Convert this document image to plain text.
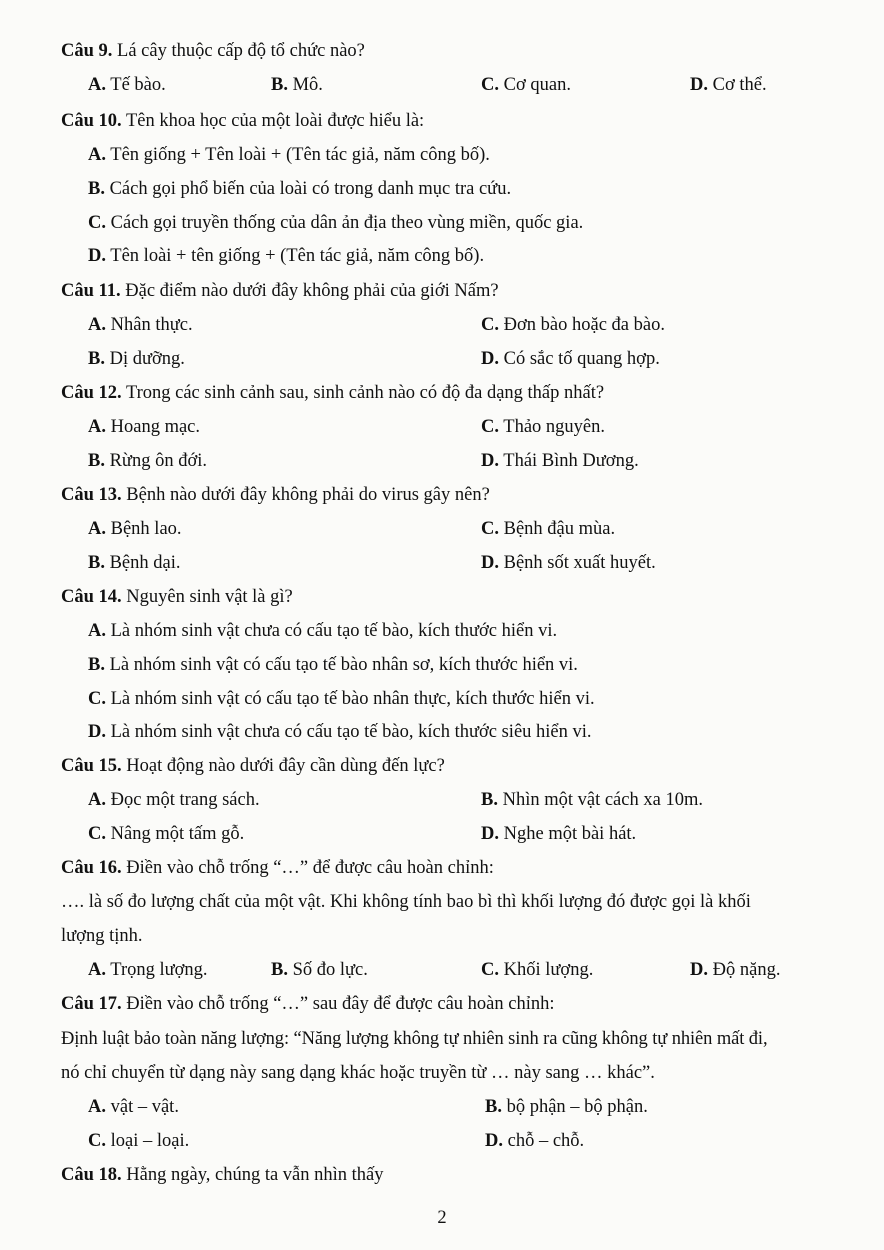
Câu 9. Lá cây thuộc cấp độ tổ chức nào?
A. Tế bào.	B. Mô.	C. Cơ quan.	D. Cơ thể.
Câu 10. Tên khoa học của một loài được hiểu là:
A. Tên giống + Tên loài + (Tên tác giả, năm công bố).
B. Cách gọi phổ biến của loài có trong danh mục tra cứu.
C. Cách gọi truyền thống của dân ản địa theo vùng miền, quốc gia.
D. Tên loài + tên giống + (Tên tác giả, năm công bố).
Câu 11. Đặc điểm nào dưới đây không phải của giới Nấm?
A. Nhân thực.	C. Đơn bào hoặc đa bào.
B. Dị dưỡng.	D. Có sắc tố quang hợp.
Câu 12. Trong các sinh cảnh sau, sinh cảnh nào có độ đa dạng thấp nhất?
A. Hoang mạc.	C. Thảo nguyên.
B. Rừng ôn đới.	D. Thái Bình Dương.
Câu 13. Bệnh nào dưới đây không phải do virus gây nên?
A. Bệnh lao.	C. Bệnh đậu mùa.
B. Bệnh dại.	D. Bệnh sốt xuất huyết.
Câu 14. Nguyên sinh vật là gì?
A. Là nhóm sinh vật chưa có cấu tạo tế bào, kích thước hiển vi.
B. Là nhóm sinh vật có cấu tạo tế bào nhân sơ, kích thước hiển vi.
C. Là nhóm sinh vật có cấu tạo tế bào nhân thực, kích thước hiển vi.
D. Là nhóm sinh vật chưa có cấu tạo tế bào, kích thước siêu hiển vi.
Câu 15. Hoạt động nào dưới đây cần dùng đến lực?
A. Đọc một trang sách.	B. Nhìn một vật cách xa 10m.
C. Nâng một tấm gỗ.	D. Nghe một bài hát.
Câu 16. Điền vào chỗ trống “…” để được câu hoàn chỉnh:
…. là số đo lượng chất của một vật. Khi không tính bao bì thì khối lượng đó được gọi là khối
lượng tịnh.
A. Trọng lượng.	B. Số đo lực.	C. Khối lượng.	D. Độ nặng.
Câu 17. Điền vào chỗ trống “…” sau đây để được câu hoàn chỉnh:
Định luật bảo toàn năng lượng: “Năng lượng không tự nhiên sinh ra cũng không tự nhiên mất đi,
nó chỉ chuyển từ dạng này sang dạng khác hoặc truyền từ … này sang … khác”.
A. vật – vật.	B. bộ phận – bộ phận.
C. loại – loại.	D. chỗ – chỗ.
Câu 18. Hằng ngày, chúng ta vẫn nhìn thấy
2
